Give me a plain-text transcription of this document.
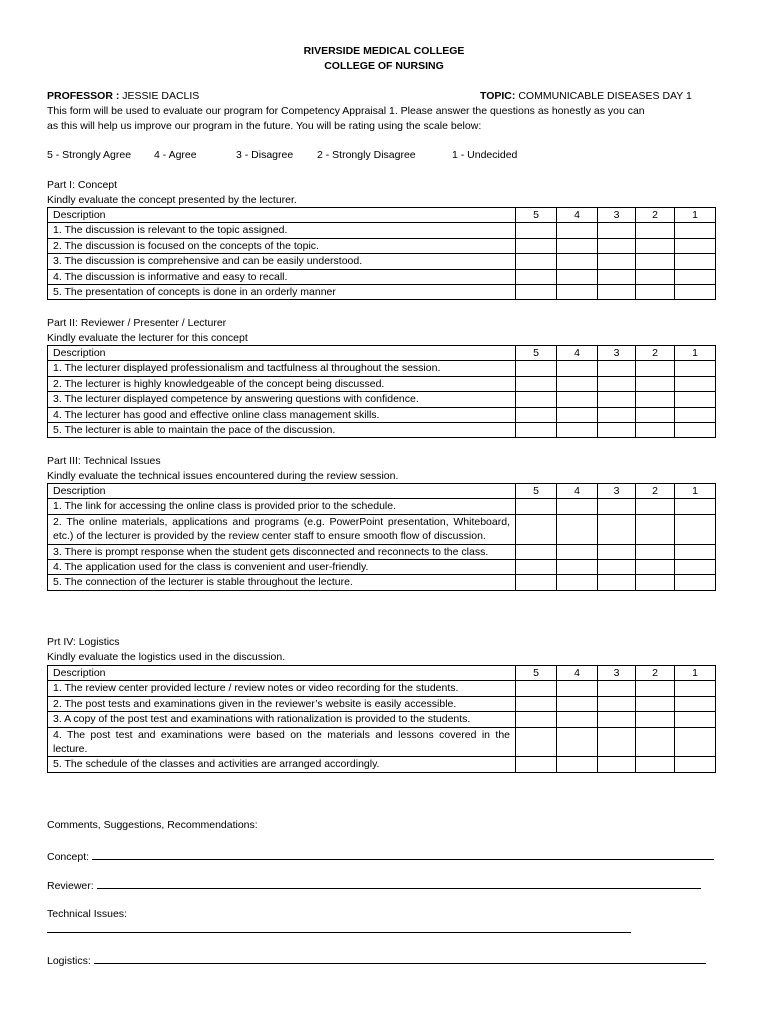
RIVERSIDE MEDICAL COLLEGE
COLLEGE OF NURSING
PROFESSOR : JESSIE DACLIS	TOPIC: COMMUNICABLE DISEASES DAY 1
This form will be used to evaluate our program for Competency Appraisal 1. Please answer the questions as honestly as you can
as this will help us improve our program in the future. You will be rating using the scale below:
5 - Strongly Agree 4 - Agree	3 - Disagree 2 - Strongly Disagree	1 - Undecided
Part I: Concept
Kindly evaluate the concept presented by the lecturer.
Description	5	4	3	2	1
1. The discussion is relevant to the topic assigned.					
2. The discussion is focused on the concepts of the topic.					
3. The discussion is comprehensive and can be easily understood.					
4. The discussion is informative and easy to recall.					
5. The presentation of concepts is done in an orderly manner					
Part II: Reviewer / Presenter / Lecturer
Kindly evaluate the lecturer for this concept
Description	5	4	3	2	1
1. The lecturer displayed professionalism and tactfulness al throughout the session.					
2. The lecturer is highly knowledgeable of the concept being discussed.					
3. The lecturer displayed competence by answering questions with confidence.					
4. The lecturer has good and effective online class management skills.					
5. The lecturer is able to maintain the pace of the discussion.					
Part III: Technical Issues
Kindly evaluate the technical issues encountered during the review session.
Description	5	4	3	2	1
1. The link for accessing the online class is provided prior to the schedule.					
2. The online materials, applications and programs (e.g. PowerPoint presentation, Whiteboard, etc.) of the lecturer is provided by the review center staff to ensure smooth flow of discussion.					
3. There is prompt response when the student gets disconnected and reconnects to the class.					
4. The application used for the class is convenient and user-friendly.					
5. The connection of the lecturer is stable throughout the lecture.					
Prt IV: Logistics
Kindly evaluate the logistics used in the discussion.
Description	5	4	3	2	1
1. The review center provided lecture / review notes or video recording for the students.					
2. The post tests and examinations given in the reviewer’s website is easily accessible.					
3. A copy of the post test and examinations with rationalization is provided to the students.					
4. The post test and examinations were based on the materials and lessons covered in the lecture.					
5. The schedule of the classes and activities are arranged accordingly.					
Comments, Suggestions, Recommendations:
Concept:
Reviewer:
Technical Issues:
Logistics:
